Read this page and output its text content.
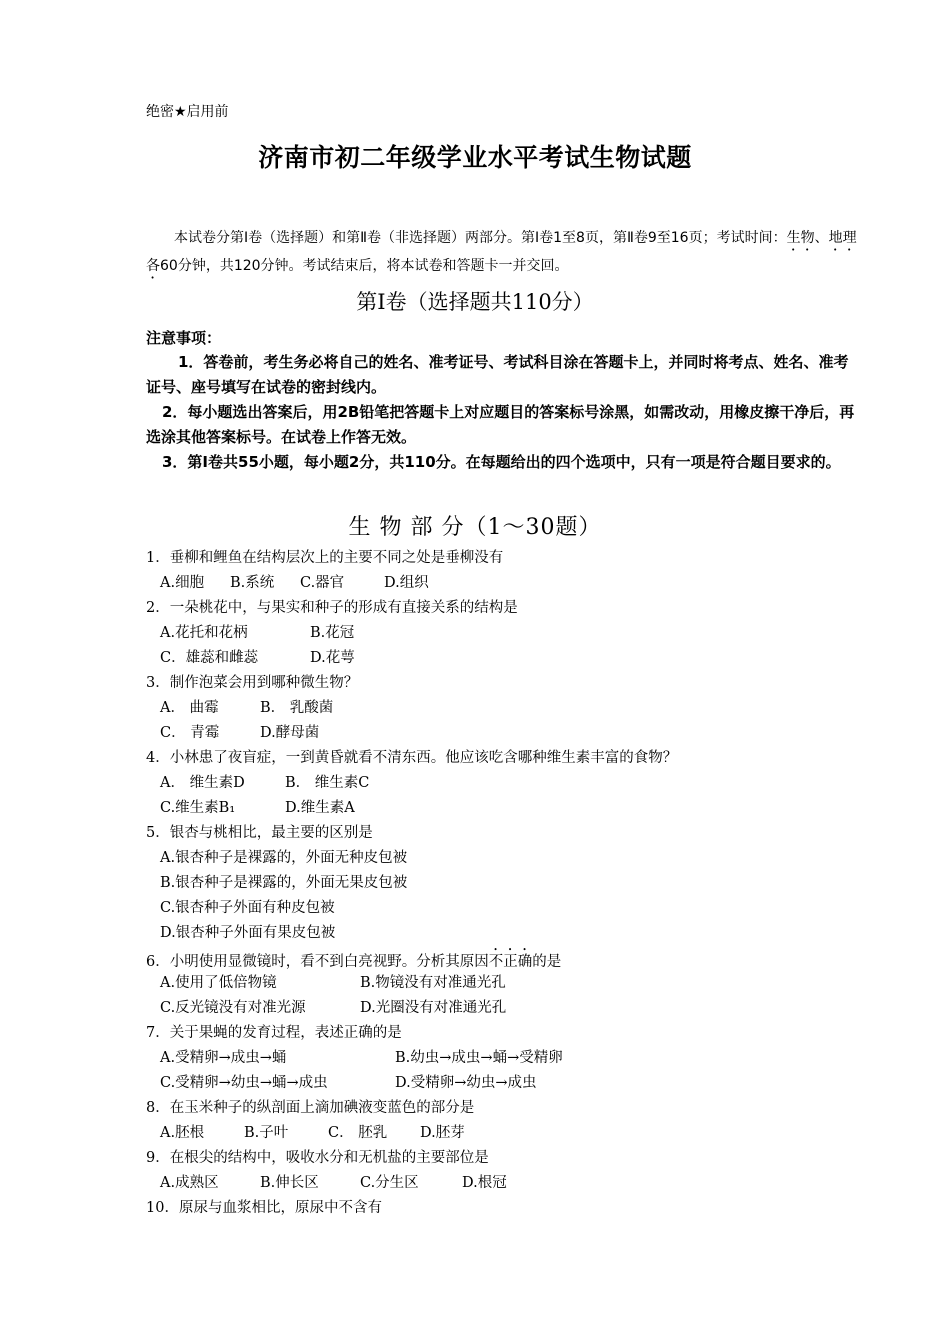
绝密★启用前
济南市初二年级学业水平考试生物试题
本试卷分第Ⅰ卷（选择题）和第Ⅱ卷（非选择题）两部分。第Ⅰ卷1至8页，第Ⅱ卷9至16页；考试时间：生物、地理各60分钟，共120分钟。考试结束后，将本试卷和答题卡一并交回。
第Ⅰ卷（选择题共110分）
注意事项：
1．答卷前，考生务必将自己的姓名、准考证号、考试科目涂在答题卡上，并同时将考点、姓名、准考证号、座号填写在试卷的密封线内。
2．每小题选出答案后，用2B铅笔把答题卡上对应题目的答案标号涂黑，如需改动，用橡皮擦干净后，再选涂其他答案标号。在试卷上作答无效。
3．第Ⅰ卷共55小题，每小题2分，共110分。在每题给出的四个选项中，只有一项是符合题目要求的。
生 物 部 分（1～30题）
1．垂柳和鲤鱼在结构层次上的主要不同之处是垂柳没有
A.细胞 B.系统 C.器官	D.组织
2．一朵桃花中，与果实和种子的形成有直接关系的结构是
A.花托和花柄	B.花冠
C．雄蕊和雌蕊	D.花萼
3．制作泡菜会用到哪种微生物？
A． 曲霉	B． 乳酸菌
C． 青霉	D.酵母菌
4．小林患了夜盲症，一到黄昏就看不清东西。他应该吃含哪种维生素丰富的食物？
A． 维生素D	B． 维生素C
C.维生素B₁	D.维生素A
5．银杏与桃相比，最主要的区别是
A.银杏种子是裸露的，外面无种皮包被
B.银杏种子是裸露的，外面无果皮包被
C.银杏种子外面有种皮包被
D.银杏种子外面有果皮包被
6．小明使用显微镜时，看不到白亮视野。分析其原因不正确的是
A.使用了低倍物镜	B.物镜没有对准通光孔
C.反光镜没有对准光源	D.光圈没有对准通光孔
7．关于果蝇的发育过程，表述正确的是
A.受精卵→成虫→蛹	B.幼虫→成虫→蛹→受精卵
C.受精卵→幼虫→蛹→成虫	D.受精卵→幼虫→成虫
8．在玉米种子的纵剖面上滴加碘液变蓝色的部分是
A.胚根	B.子叶	C． 胚乳 D.胚芽
9．在根尖的结构中，吸收水分和无机盐的主要部位是
A.成熟区	B.伸长区	C.分生区	D.根冠
10．原尿与血浆相比，原尿中不含有
